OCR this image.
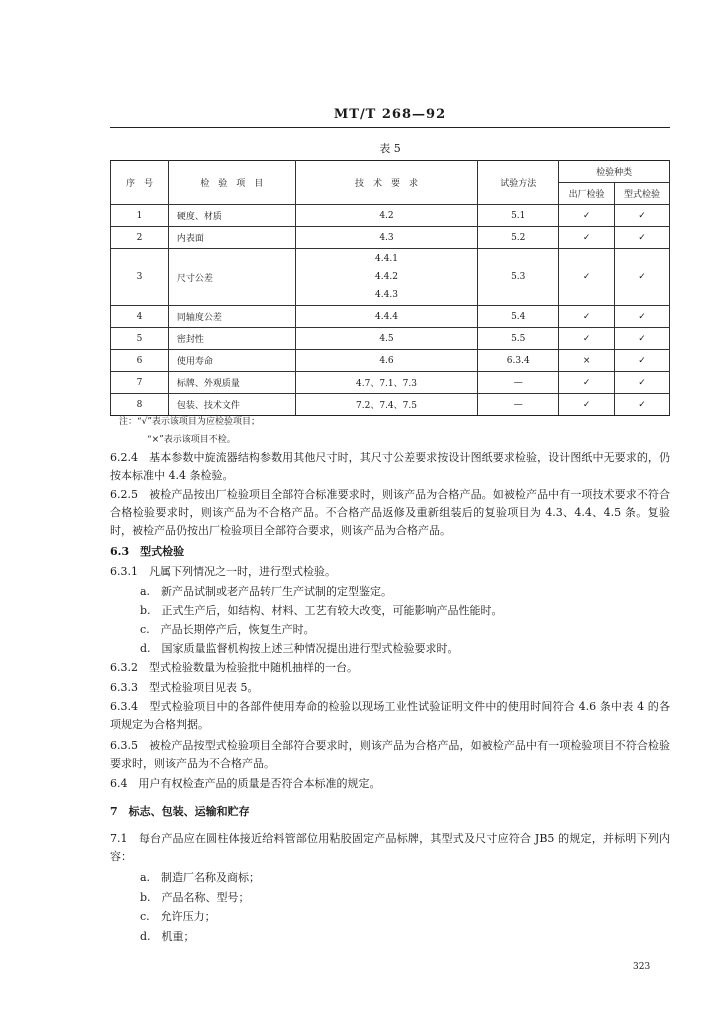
MT/T 268—92
表 5
序　号	检　验　项　目	技　术　要　求	试验方法	检验种类	
				出厂检验	型式检验
1	硬度、材质	4.2	5.1	✓	✓
2	内表面	4.3	5.2	✓	✓
3	尺寸公差	4.4.1
4.4.2
4.4.3	5.3	✓	✓
4	同轴度公差	4.4.4	5.4	✓	✓
5	密封性	4.5	5.5	✓	✓
6	使用寿命	4.6	6.3.4	×	✓
7	标牌、外观质量	4.7、7.1、7.3	—	✓	✓
8	包装、技术文件	7.2、7.4、7.5	—	✓	✓
注：“√”表示该项目为应检验项目；
“×”表示该项目不检。
6.2.4　基本参数中旋流器结构参数用其他尺寸时，其尺寸公差要求按设计图纸要求检验，设计图纸中无要求的，仍按本标准中 4.4 条检验。
6.2.5　被检产品按出厂检验项目全部符合标准要求时，则该产品为合格产品。如被检产品中有一项技术要求不符合合格检验要求时，则该产品为不合格产品。不合格产品返修及重新组装后的复验项目为 4.3、4.4、4.5 条。复验时，被检产品仍按出厂检验项目全部符合要求，则该产品为合格产品。
6.3　型式检验
6.3.1　凡属下列情况之一时，进行型式检验。
a.　新产品试制或老产品转厂生产试制的定型鉴定。
b.　正式生产后，如结构、材料、工艺有较大改变，可能影响产品性能时。
c.　产品长期停产后，恢复生产时。
d.　国家质量监督机构按上述三种情况提出进行型式检验要求时。
6.3.2　型式检验数量为检验批中随机抽样的一台。
6.3.3　型式检验项目见表 5。
6.3.4　型式检验项目中的各部件使用寿命的检验以现场工业性试验证明文件中的使用时间符合 4.6 条中表 4 的各项规定为合格判据。
6.3.5　被检产品按型式检验项目全部符合要求时，则该产品为合格产品，如被检产品中有一项检验项目不符合检验要求时，则该产品为不合格产品。
6.4　用户有权检查产品的质量是否符合本标准的规定。
7　标志、包装、运输和贮存
7.1　每台产品应在圆柱体接近给料管部位用粘胶固定产品标牌，其型式及尺寸应符合 JB5 的规定，并标明下列内容：
a.　制造厂名称及商标；
b.　产品名称、型号；
c.　允许压力；
d.　机重；
323
